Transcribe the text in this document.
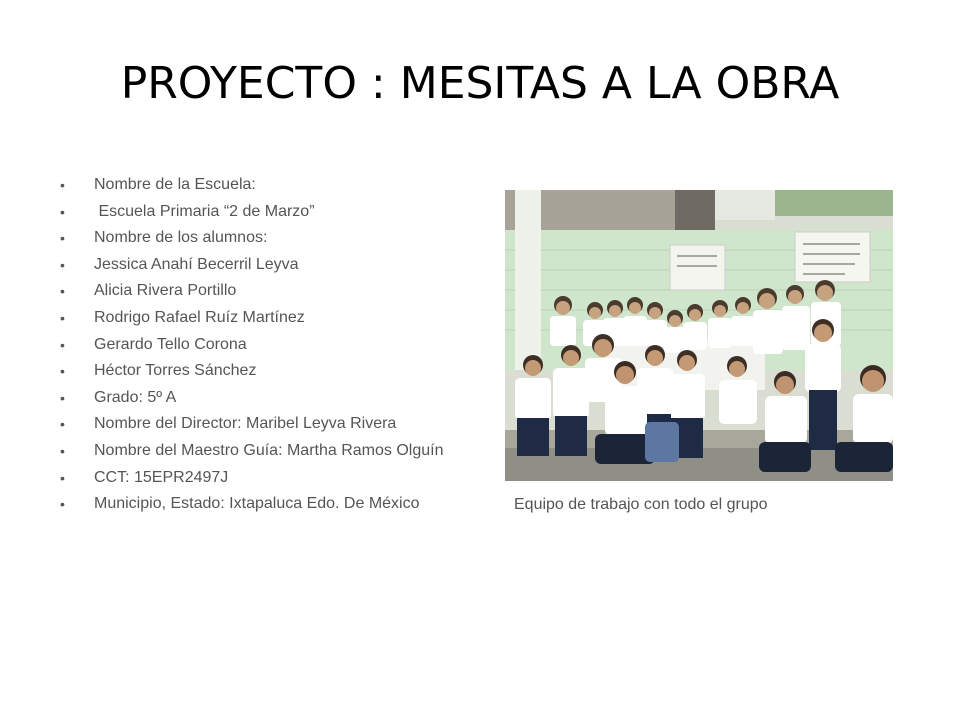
PROYECTO : MESITAS A LA OBRA
• Nombre de la Escuela:
•  Escuela Primaria “2 de Marzo”
• Nombre de los alumnos:
• Jessica Anahí Becerril Leyva
• Alicia Rivera Portillo
• Rodrigo Rafael Ruíz Martínez
• Gerardo Tello Corona
• Héctor Torres Sánchez
• Grado: 5º A
• Nombre del Director: Maribel Leyva Rivera
• Nombre del Maestro Guía: Martha Ramos Olguín
• CCT: 15EPR2497J
• Municipio, Estado: Ixtapaluca Edo. De México	Equipo de trabajo con todo el grupo
